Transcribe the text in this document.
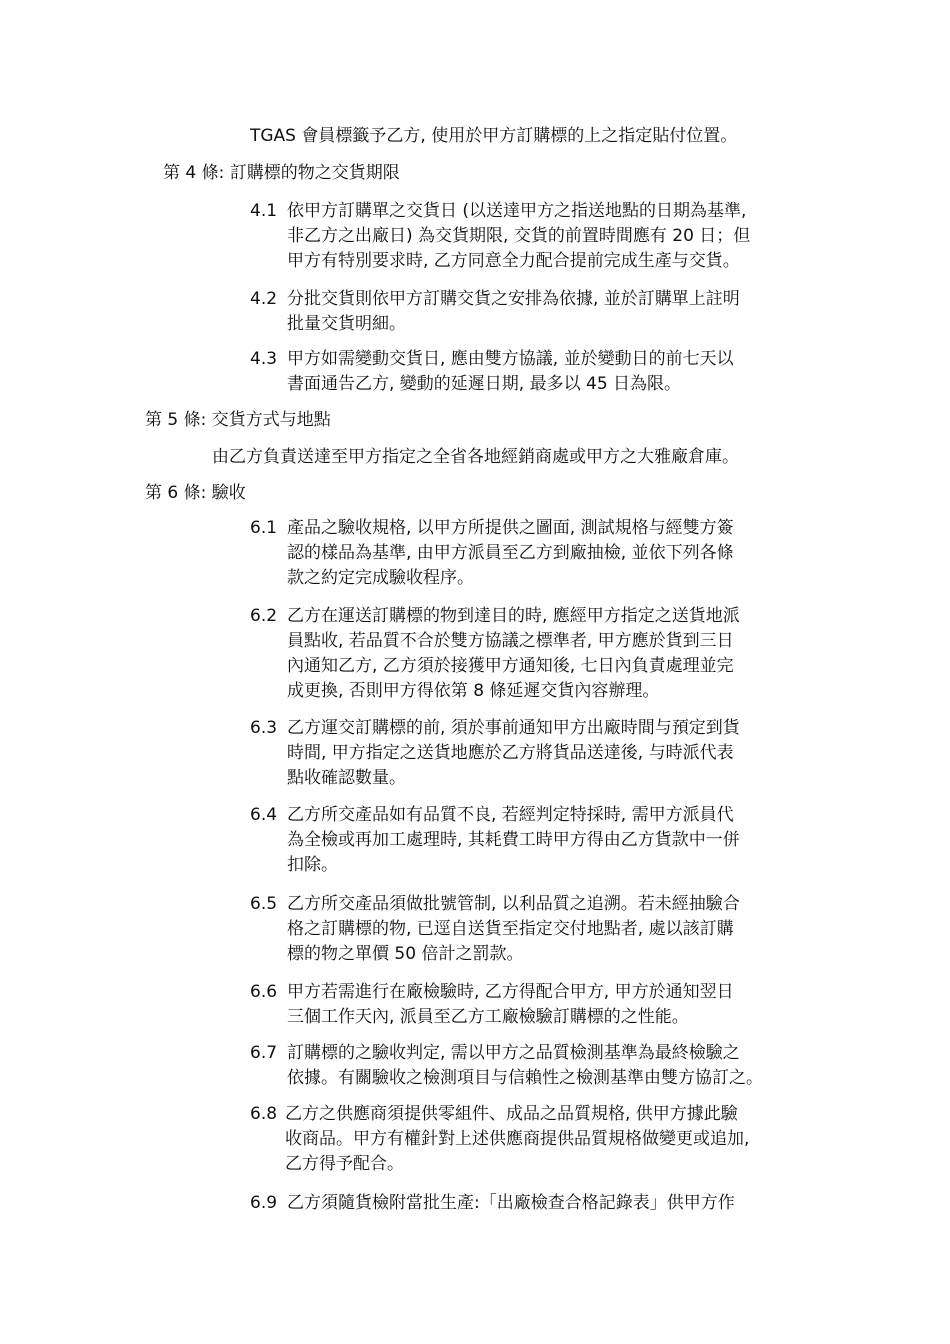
TGAS 會員標籤予乙方, 使用於甲方訂購標的上之指定貼付位置。
第 4 條: 訂購標的物之交貨期限
4.1 依甲方訂購單之交貨日 (以送達甲方之指送地點的日期為基準,
非乙方之出廠日) 為交貨期限, 交貨的前置時間應有 20 日；但
甲方有特別要求時, 乙方同意全力配合提前完成生產与交貨。
4.2 分批交貨則依甲方訂購交貨之安排為依據, 並於訂購單上註明
批量交貨明細。
4.3 甲方如需變動交貨日, 應由雙方協議, 並於變動日的前七天以
書面通告乙方, 變動的延遲日期, 最多以 45 日為限。
第 5 條: 交貨方式与地點
由乙方負責送達至甲方指定之全省各地經銷商處或甲方之大雅廠倉庫。
第 6 條: 驗收
6.1 產品之驗收規格, 以甲方所提供之圖面, 測試規格与經雙方簽
認的樣品為基準, 由甲方派員至乙方到廠抽檢, 並依下列各條
款之約定完成驗收程序。
6.2 乙方在運送訂購標的物到達目的時, 應經甲方指定之送貨地派
員點收, 若品質不合於雙方協議之標準者, 甲方應於貨到三日
內通知乙方, 乙方須於接獲甲方通知後, 七日內負責處理並完
成更換, 否則甲方得依第 8 條延遲交貨內容辦理。
6.3 乙方運交訂購標的前, 須於事前通知甲方出廠時間与預定到貨
時間, 甲方指定之送貨地應於乙方將貨品送達後, 与時派代表
點收確認數量。
6.4 乙方所交產品如有品質不良, 若經判定特採時, 需甲方派員代
為全檢或再加工處理時, 其耗費工時甲方得由乙方貨款中一併
扣除。
6.5 乙方所交產品須做批號管制, 以利品質之追溯。若未經抽驗合
格之訂購標的物, 已逕自送貨至指定交付地點者, 處以該訂購
標的物之單價 50 倍計之罰款。
6.6 甲方若需進行在廠檢驗時, 乙方得配合甲方, 甲方於通知翌日
三個工作天內, 派員至乙方工廠檢驗訂購標的之性能。
6.7 訂購標的之驗收判定, 需以甲方之品質檢測基準為最終檢驗之
依據。有關驗收之檢測項目与信賴性之檢測基準由雙方協訂之。
6.8 乙方之供應商須提供零組件、成品之品質規格, 供甲方據此驗
收商品。甲方有權針對上述供應商提供品質規格做變更或追加,
乙方得予配合。
6.9 乙方須隨貨檢附當批生產:「出廠檢查合格記錄表」供甲方作
